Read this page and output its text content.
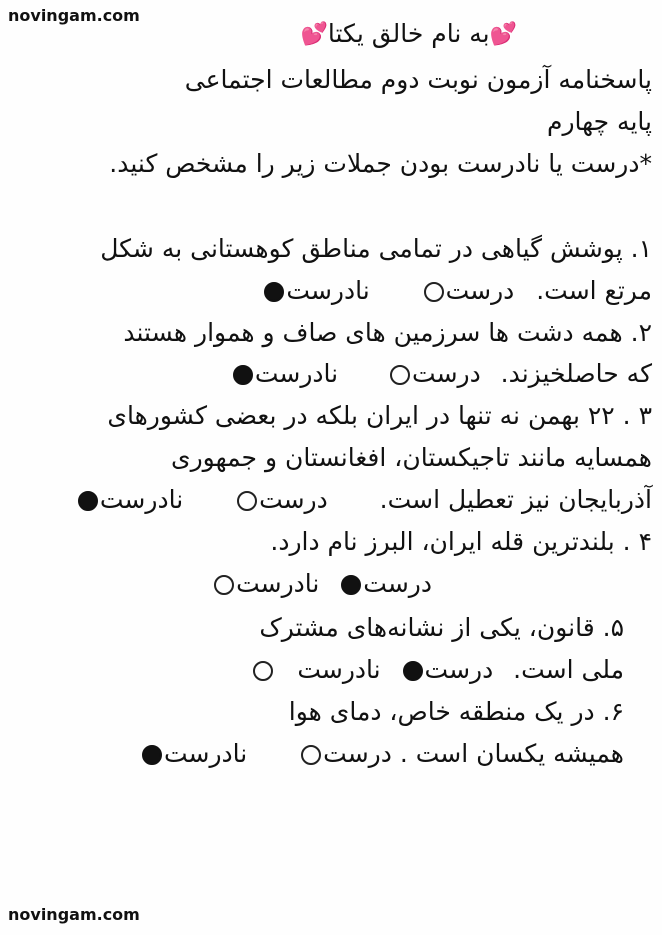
novingam.com
novingam.com
💕به نام خالق یکتا💕
پاسخنامه آزمون نوبت دوم مطالعات اجتماعی
پایه چهارم
*درست یا نادرست بودن جملات زیر را مشخص کنید.
۱. پوشش گیاهی در تمامی مناطق کوهستانی به شکل
مرتع است.  درست  نادرست
۲. همه دشت ها سرزمین های صاف و هموار هستند
که حاصلخیزند.  درست  نادرست
۳ . ۲۲ بهمن نه تنها در ایران بلکه در بعضی کشورهای
همسایه مانند تاجیکستان، افغانستان و جمهوری
آذربایجان نیز تعطیل است.  درست  نادرست
۴ . بلندترین قله ایران، البرز نام دارد.
درست  نادرست
۵. قانون، یکی از نشانه‌های مشترک
ملی است.  درست  نادرست
۶. در یک منطقه خاص، دمای هوا
همیشه یکسان است . درست  نادرست
